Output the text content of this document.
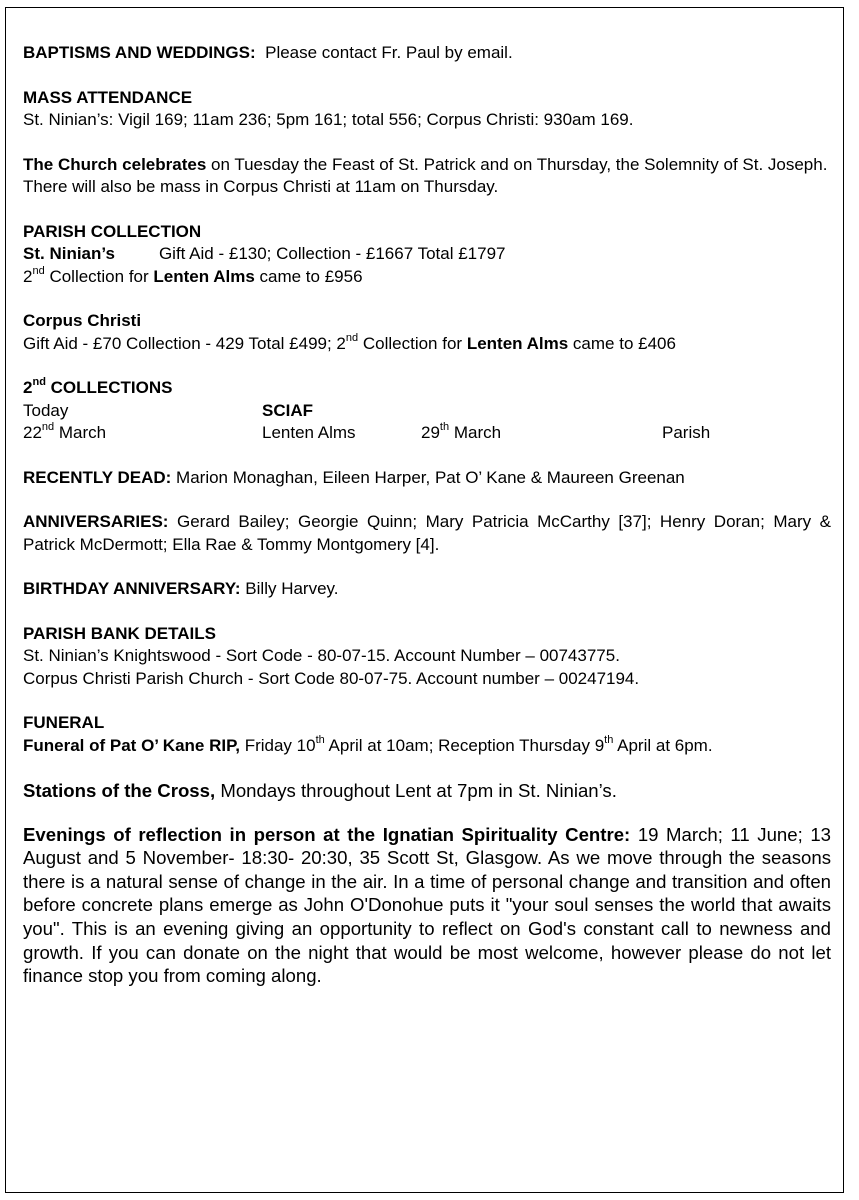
BAPTISMS AND WEDDINGS: Please contact Fr. Paul by email.

MASS ATTENDANCE

St. Ninian’s: Vigil 169; 11am 236; 5pm 161; total 556; Corpus Christi: 930am 169.

The Church celebrates on Tuesday the Feast of St. Patrick and on Thursday, the Solemnity of St. Joseph. There will also be mass in Corpus Christi at 11am on Thursday.

PARISH COLLECTION

St. Ninian’s	Gift Aid - £130; Collection - £1667 Total £1797

2nd Collection for Lenten Alms came to £956

Corpus Christi

Gift Aid - £70 Collection - 429 Total £499; 2nd Collection for Lenten Alms came to £406

2nd COLLECTIONS

Today	SCIAF
22nd March	Lenten Alms	29th March	Parish

RECENTLY DEAD: Marion Monaghan, Eileen Harper, Pat O’ Kane & Maureen Greenan

ANNIVERSARIES: Gerard Bailey; Georgie Quinn; Mary Patricia McCarthy [37]; Henry Doran; Mary & Patrick McDermott; Ella Rae & Tommy Montgomery [4].

BIRTHDAY ANNIVERSARY: Billy Harvey.

PARISH BANK DETAILS

St. Ninian’s Knightswood - Sort Code - 80-07-15. Account Number – 00743775.

Corpus Christi Parish Church - Sort Code 80-07-75. Account number – 00247194.

FUNERAL

Funeral of Pat O’ Kane RIP, Friday 10th April at 10am; Reception Thursday 9th April at 6pm.

Stations of the Cross, Mondays throughout Lent at 7pm in St. Ninian’s.

Evenings of reflection in person at the Ignatian Spirituality Centre: 19 March; 11 June; 13 August and 5 November- 18:30- 20:30, 35 Scott St, Glasgow. As we move through the seasons there is a natural sense of change in the air. In a time of personal change and transition and often before concrete plans emerge as John O'Donohue puts it "your soul senses the world that awaits you". This is an evening giving an opportunity to reflect on God's constant call to newness and growth. If you can donate on the night that would be most welcome, however please do not let finance stop you from coming along.
